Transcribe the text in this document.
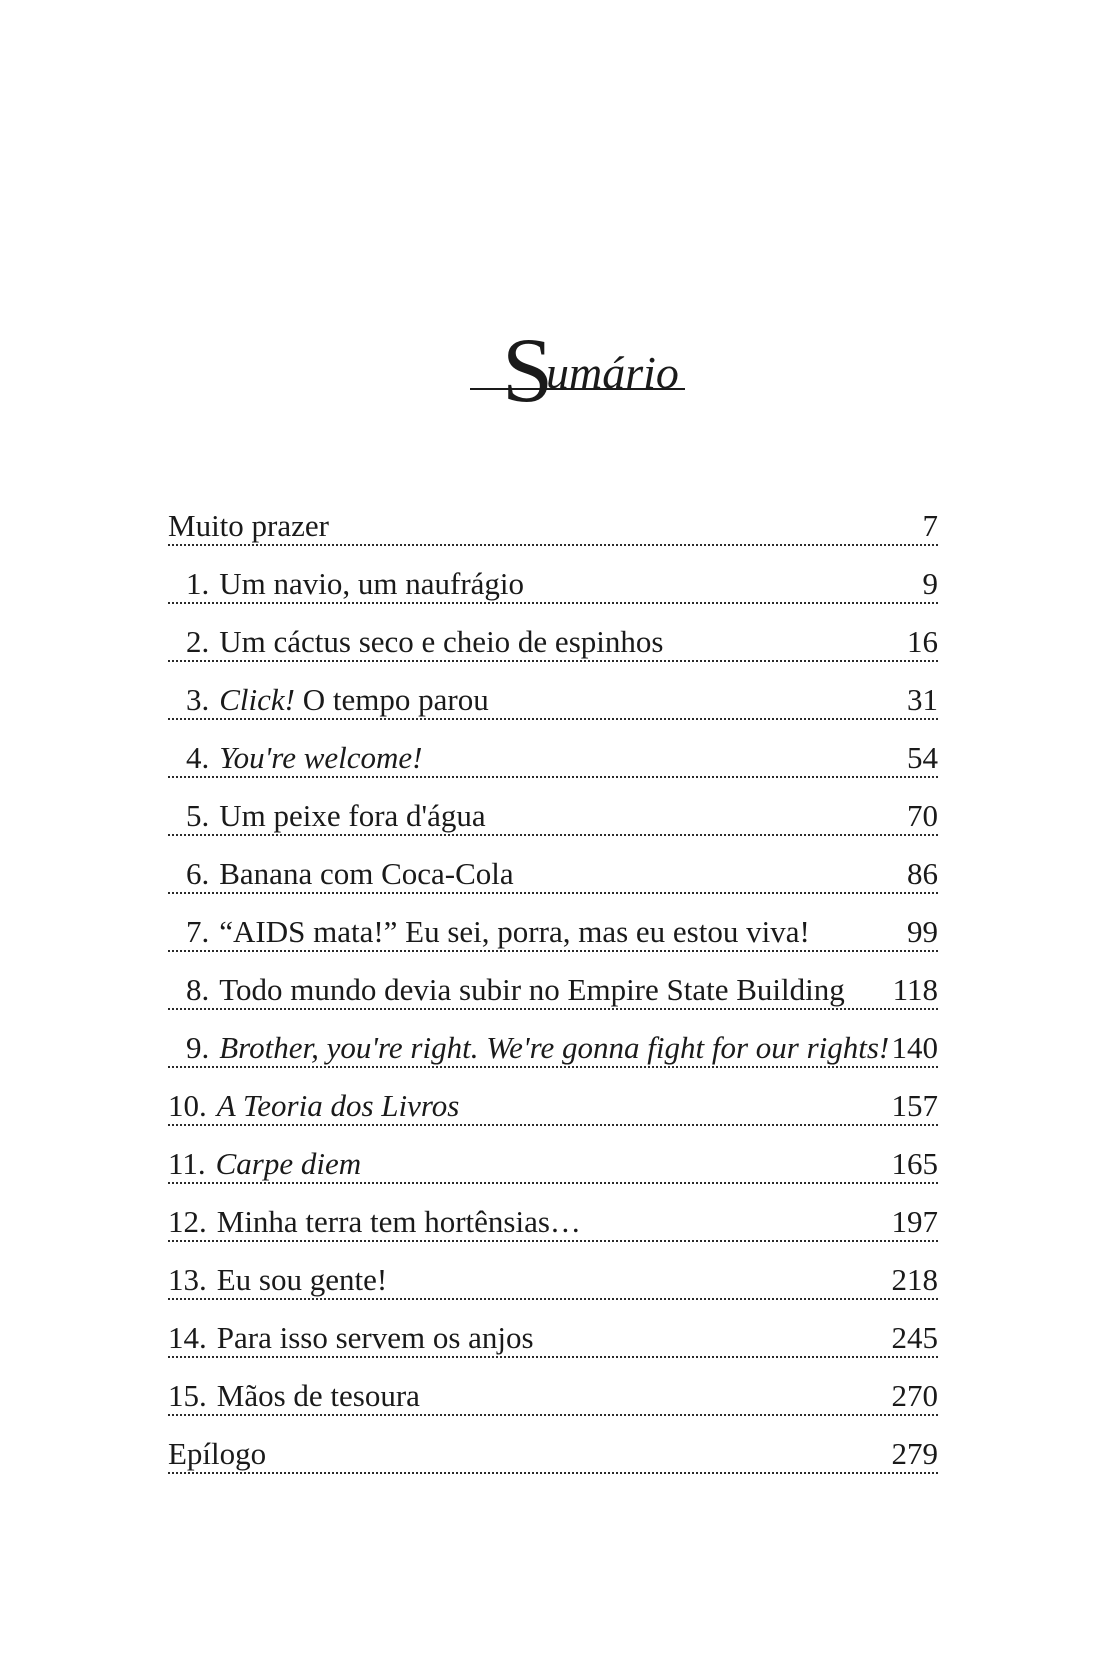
S
umário
Muito prazer	7
1. Um navio, um naufrágio	9
2. Um cáctus seco e cheio de espinhos	16
3. Click! O tempo parou	31
4. You're welcome!	54
5. Um peixe fora d'água	70
6. Banana com Coca-Cola	86
7. “AIDS mata!” Eu sei, porra, mas eu estou viva!	99
8. Todo mundo devia subir no Empire State Building 118
9. Brother, you're right. We're gonna fight for our rights! 140
10. A Teoria dos Livros	157
11. Carpe diem	165
12. Minha terra tem hortênsias…	197
13. Eu sou gente!	218
14. Para isso servem os anjos	245
15. Mãos de tesoura	270
Epílogo	279
